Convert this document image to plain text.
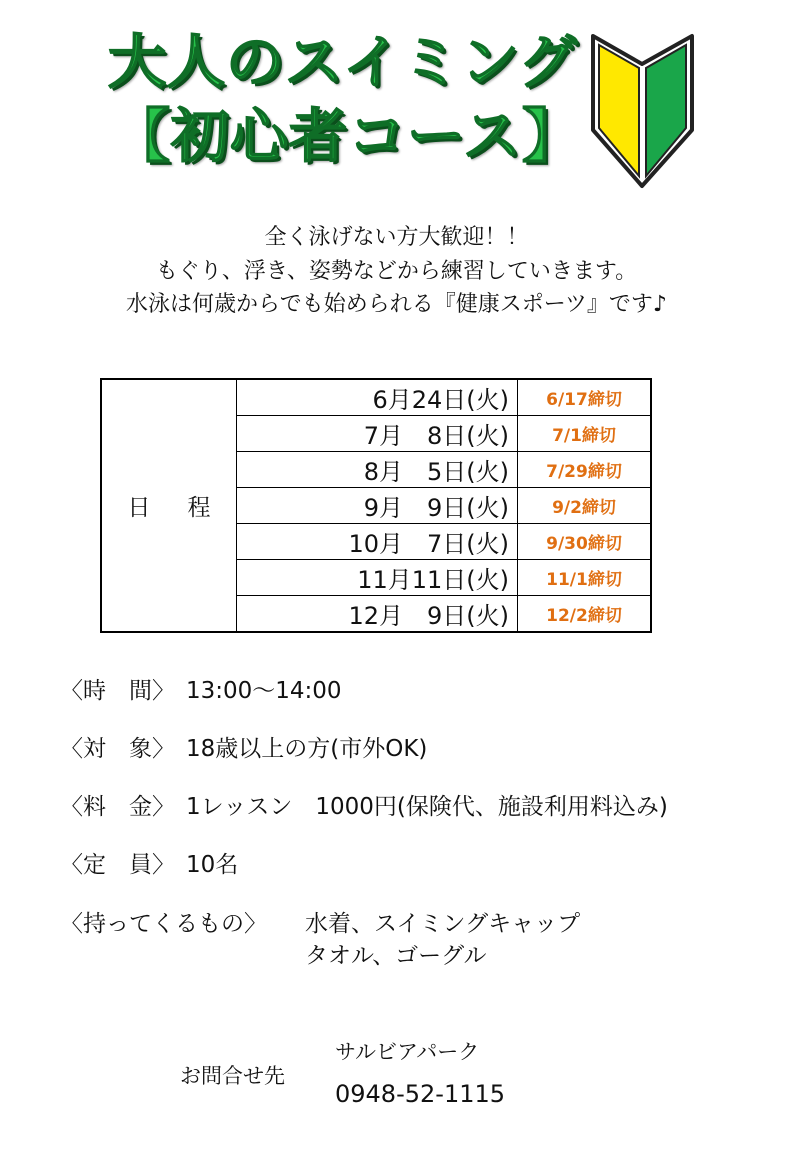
大人のスイミング
【初心者コース】
全く泳げない方大歓迎！！
もぐり、浮き、姿勢などから練習していきます。
水泳は何歳からでも始められる『健康スポーツ』です♪
日 程	6月24日(火)	6/17締切
	7月　8日(火)	7/1締切
	8月　5日(火)	7/29締切
	9月　9日(火)	9/2締切
	10月　7日(火)	9/30締切
	11月11日(火)	11/1締切
	12月　9日(火)	12/2締切
〈時　間〉 13:00～14:00
〈対　象〉 18歳以上の方(市外OK)
〈料　金〉 1レッスン　1000円(保険代、施設利用料込み)
〈定　員〉 10名
〈持ってくるもの〉 水着、スイミングキャップ
タオル、ゴーグル
お問合せ先
サルビアパーク
0948-52-1115
